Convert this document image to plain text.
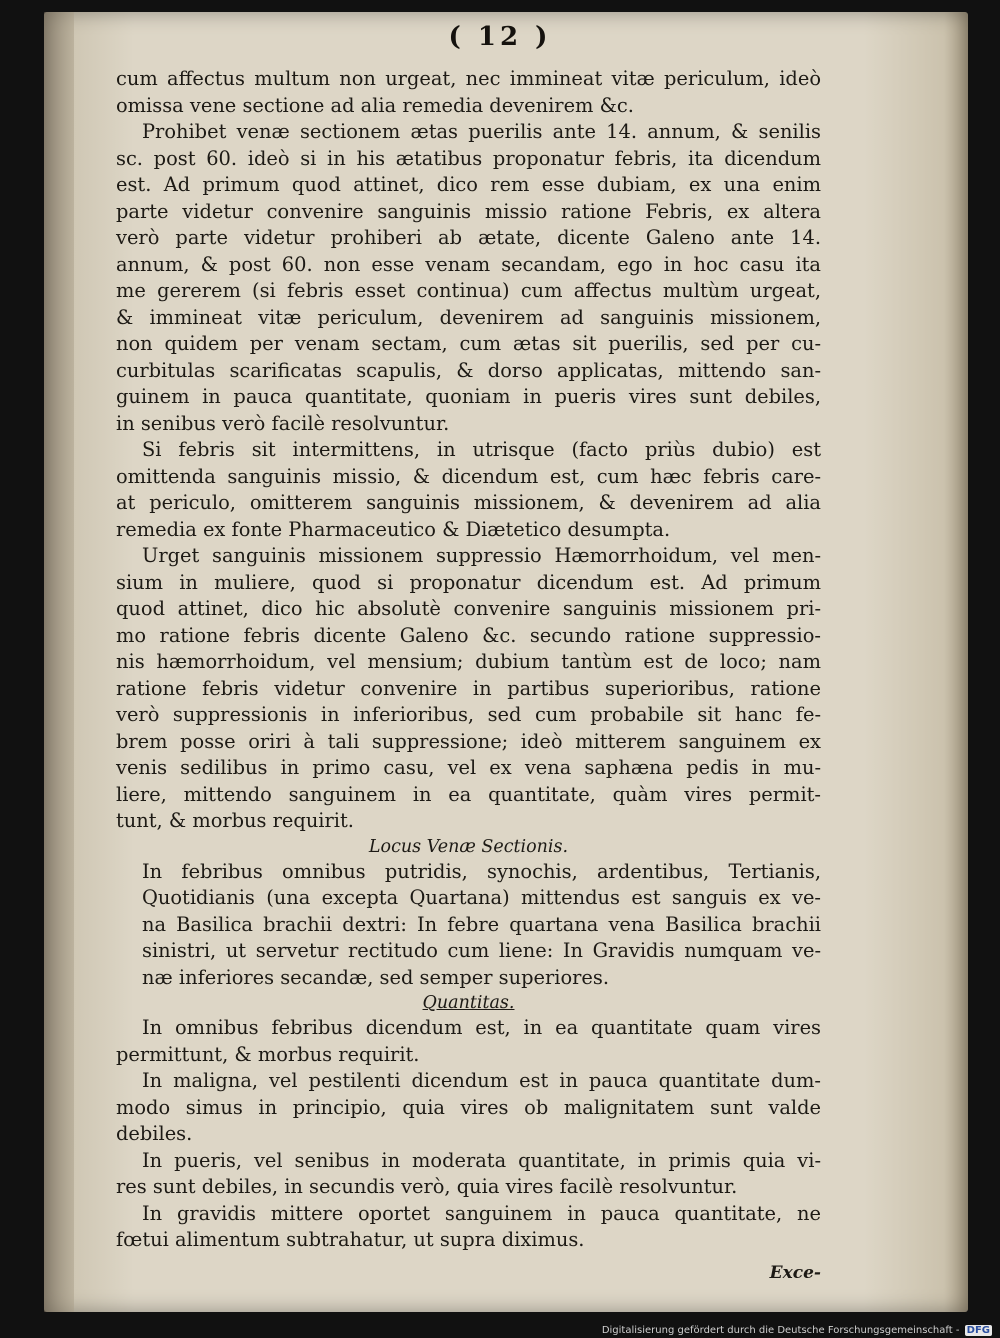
( 12 )

cum affectus multum non urgeat, nec immineat vitæ periculum, ideò
omissa vene sectione ad alia remedia devenirem &c.

Prohibet venæ sectionem ætas puerilis ante 14. annum, & senilis
sc. post 60. ideò si in his ætatibus proponatur febris, ita dicendum
est. Ad primum quod attinet, dico rem esse dubiam, ex una enim
parte videtur convenire sanguinis missio ratione Febris, ex altera
verò parte videtur prohiberi ab ætate, dicente Galeno ante 14.
annum, & post 60. non esse venam secandam, ego in hoc casu ita
me gererem (si febris esset continua) cum affectus multùm urgeat,
& immineat vitæ periculum, devenirem ad sanguinis missionem,
non quidem per venam sectam, cum ætas sit puerilis, sed per cu-
curbitulas scarificatas scapulis, & dorso applicatas, mittendo san-
guinem in pauca quantitate, quoniam in pueris vires sunt debiles,
in senibus verò facilè resolvuntur.

Si febris sit intermittens, in utrisque (facto priùs dubio) est
omittenda sanguinis missio, & dicendum est, cum hæc febris care-
at periculo, omitterem sanguinis missionem, & devenirem ad alia
remedia ex fonte Pharmaceutico & Diætetico desumpta.

Urget sanguinis missionem suppressio Hæmorrhoidum, vel men-
sium in muliere, quod si proponatur dicendum est. Ad primum
quod attinet, dico hic absolutè convenire sanguinis missionem pri-
mo ratione febris dicente Galeno &c. secundo ratione suppressio-
nis hæmorrhoidum, vel mensium; dubium tantùm est de loco; nam
ratione febris videtur convenire in partibus superioribus, ratione
verò suppressionis in inferioribus, sed cum probabile sit hanc fe-
brem posse oriri à tali suppressione; ideò mitterem sanguinem ex
venis sedilibus in primo casu, vel ex vena saphæna pedis in mu-
liere, mittendo sanguinem in ea quantitate, quàm vires permit-
tunt, & morbus requirit.

Locus Venæ Sectionis.

In febribus omnibus putridis, synochis, ardentibus, Tertianis,
Quotidianis (una excepta Quartana) mittendus est sanguis ex ve-
na Basilica brachii dextri: In febre quartana vena Basilica brachii
sinistri, ut servetur rectitudo cum liene: In Gravidis numquam ve-
næ inferiores secandæ, sed semper superiores.

Quantitas.

In omnibus febribus dicendum est, in ea quantitate quam vires
permittunt, & morbus requirit.

In maligna, vel pestilenti dicendum est in pauca quantitate dum-
modo simus in principio, quia vires ob malignitatem sunt valde
debiles.

In pueris, vel senibus in moderata quantitate, in primis quia vi-
res sunt debiles, in secundis verò, quia vires facilè resolvuntur.

In gravidis mittere oportet sanguinem in pauca quantitate, ne
fœtui alimentum subtrahatur, ut supra diximus.

Exce-
Digitalisierung gefördert durch die Deutsche Forschungsgemeinschaft - DFG
